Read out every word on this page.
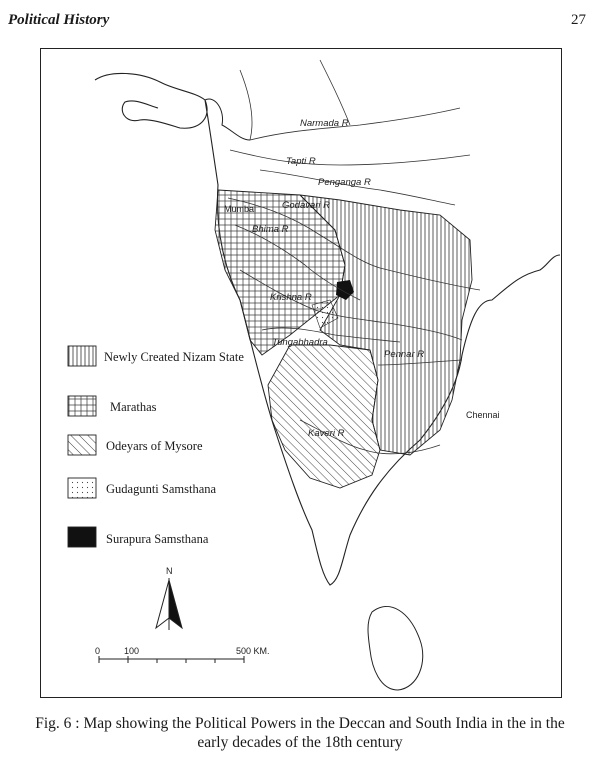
Political History	27
Narmada R
Tapti R
Penganga R
Godavari R
Bhima R
Krishna R
Tungabhadra
Pennar R
Kaveri R
Mumbai
Chennai
Newly Created Nizam State
Marathas
Odeyars of Mysore
Gudagunti Samsthana
Surapura Samsthana
N
0	100	500 KM.
Fig. 6 : Map showing the Political Powers in the Deccan and South India in the in the
early decades of the 18th century
